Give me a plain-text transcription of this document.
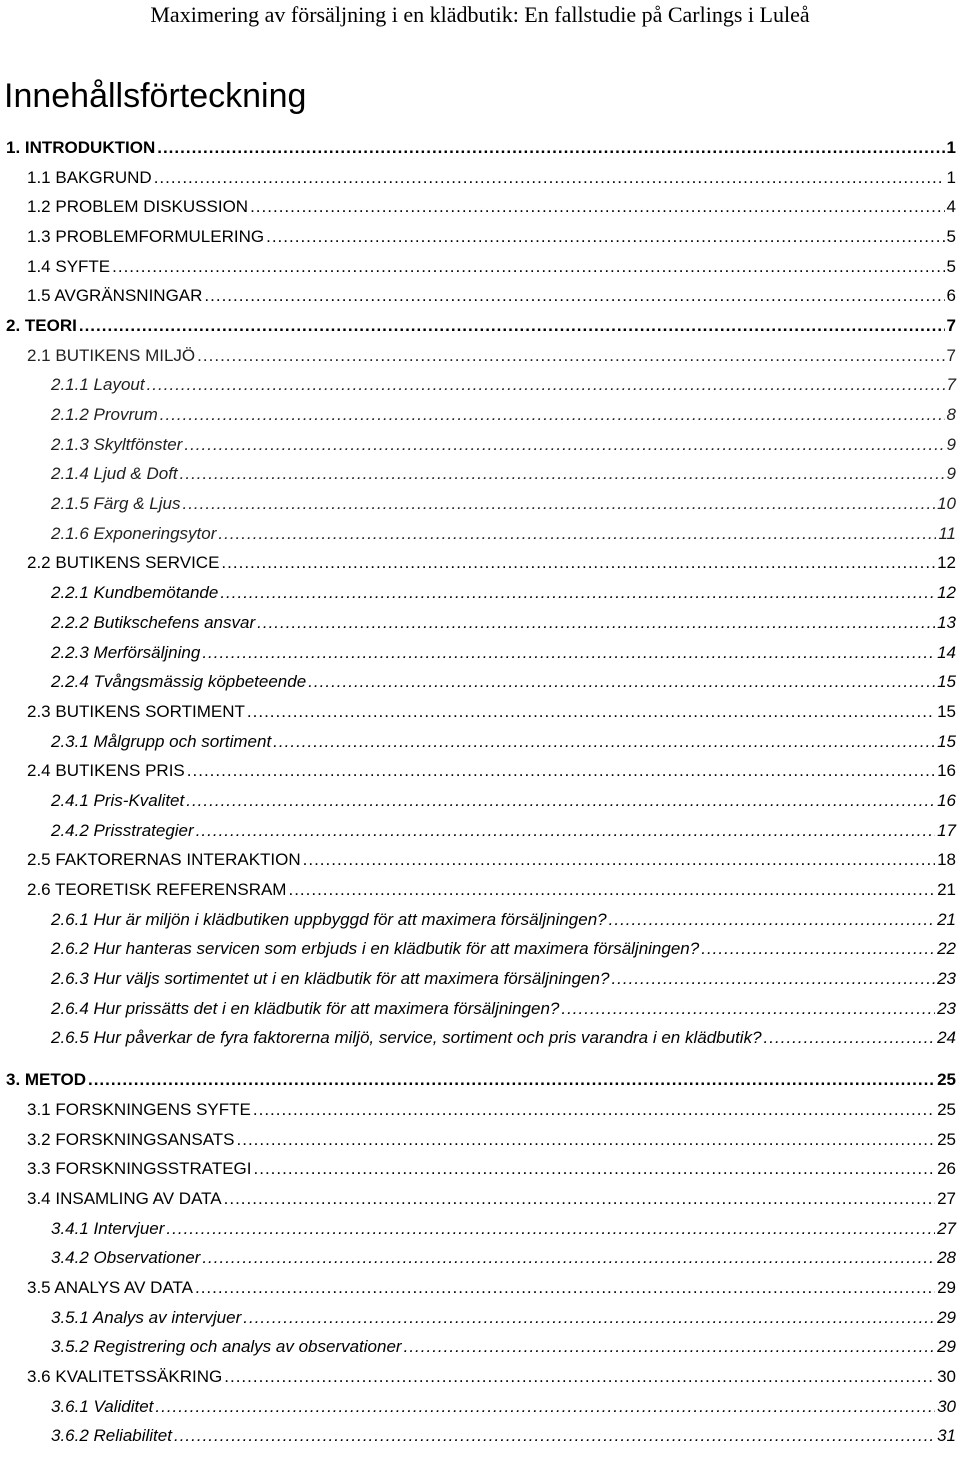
Maximering av försäljning i en klädbutik: En fallstudie på Carlings i Luleå
Innehållsförteckning
1. INTRODUKTION .....	1
1.1 BAKGRUND .....	1
1.2 PROBLEM DISKUSSION .....	4
1.3 PROBLEMFORMULERING .....	5
1.4 SYFTE .....	5
1.5 AVGRÄNSNINGAR .....	6
2. TEORI .....	7
2.1 BUTIKENS MILJÖ .....	7
2.1.1 Layout .....	7
2.1.2 Provrum .....	8
2.1.3 Skyltfönster .....	9
2.1.4 Ljud & Doft .....	9
2.1.5 Färg & Ljus .....	10
2.1.6 Exponeringsytor .....	11
2.2 BUTIKENS SERVICE .....	12
2.2.1 Kundbemötande .....	12
2.2.2 Butikschefens ansvar .....	13
2.2.3 Merförsäljning .....	14
2.2.4 Tvångsmässig köpbeteende .....	15
2.3 BUTIKENS SORTIMENT .....	15
2.3.1 Målgrupp och sortiment .....	15
2.4 BUTIKENS PRIS .....	16
2.4.1 Pris-Kvalitet .....	16
2.4.2 Prisstrategier .....	17
2.5 FAKTORERNAS INTERAKTION .....	18
2.6 TEORETISK REFERENSRAM .....	21
2.6.1 Hur är miljön i klädbutiken uppbyggd för att maximera försäljningen? .....	21
2.6.2 Hur hanteras servicen som erbjuds i en klädbutik för att maximera försäljningen? .....	22
2.6.3 Hur väljs sortimentet ut i en klädbutik för att maximera försäljningen? .....	23
2.6.4 Hur prissätts det i en klädbutik för att maximera försäljningen? .....	23
2.6.5 Hur påverkar de fyra faktorerna miljö, service, sortiment och pris varandra i en klädbutik? .....	24
3. METOD .....	25
3.1 FORSKNINGENS SYFTE .....	25
3.2 FORSKNINGSANSATS .....	25
3.3 FORSKNINGSSTRATEGI .....	26
3.4 INSAMLING AV DATA .....	27
3.4.1 Intervjuer .....	27
3.4.2 Observationer .....	28
3.5 ANALYS AV DATA .....	29
3.5.1 Analys av intervjuer .....	29
3.5.2 Registrering och analys av observationer .....	29
3.6 KVALITETSSÄKRING .....	30
3.6.1 Validitet .....	30
3.6.2 Reliabilitet .....	31
